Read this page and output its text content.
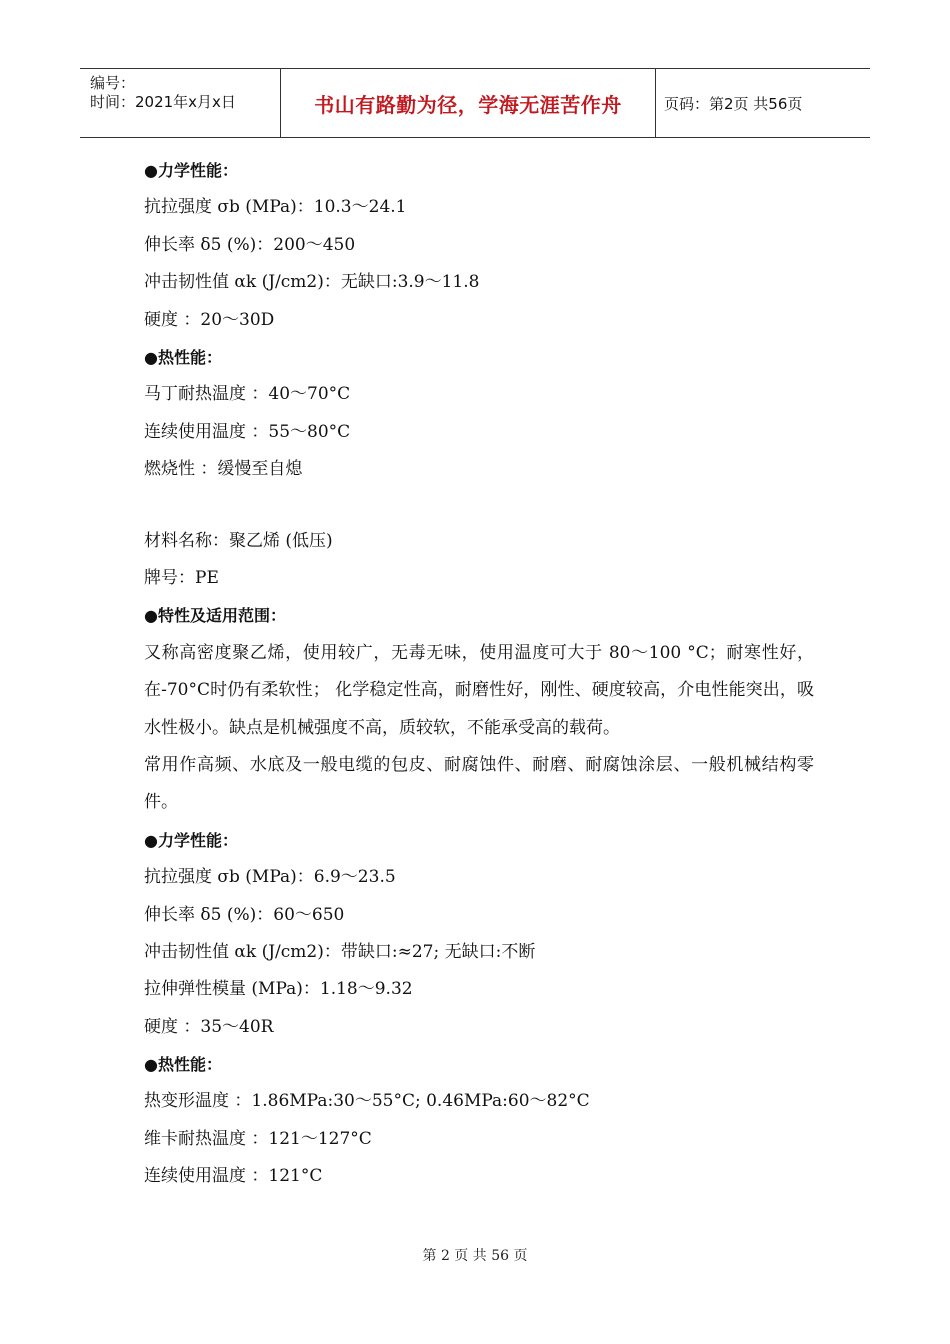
编号：
时间：2021年x月x日	书山有路勤为径，学海无涯苦作舟	页码：第2页 共56页
●力学性能：
抗拉强度 σb (MPa)：10.3～24.1
伸长率 δ5 (%)：200～450
冲击韧性值 αk (J/cm2)：无缺口:3.9～11.8
硬度 ：20～30D
●热性能：
马丁耐热温度 ：40～70°C
连续使用温度 ：55～80°C
燃烧性 ：缓慢至自熄
材料名称：聚乙烯 (低压)
牌号：PE
●特性及适用范围：

又称高密度聚乙烯，使用较广，无毒无味，使用温度可大于 80～100 °C；耐寒性好，在-70°C时仍有柔软性； 化学稳定性高，耐磨性好，刚性、硬度较高，介电性能突出，吸水性极小。缺点是机械强度不高，质较软，不能承受高的载荷。

常用作高频、水底及一般电缆的包皮、耐腐蚀件、耐磨、耐腐蚀涂层、一般机械结构零件。

●力学性能：
抗拉强度 σb (MPa)：6.9～23.5
伸长率 δ5 (%)：60～650
冲击韧性值 αk (J/cm2)：带缺口:≈27; 无缺口:不断
拉伸弹性模量 (MPa)：1.18～9.32
硬度 ：35～40R
●热性能：
热变形温度 ：1.86MPa:30～55°C; 0.46MPa:60～82°C
维卡耐热温度 ：121～127°C
连续使用温度 ：121°C
第 2 页 共 56 页
